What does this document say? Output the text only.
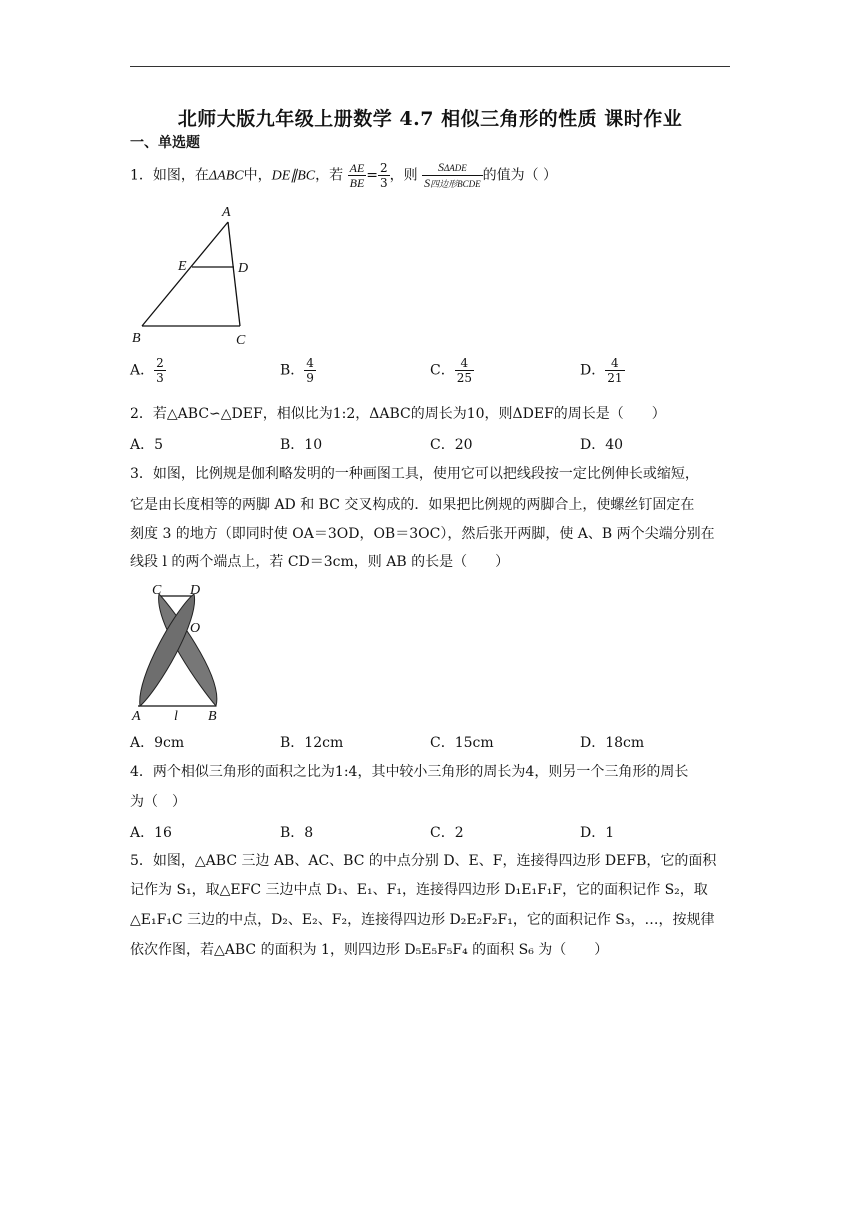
北师大版九年级上册数学 4.7 相似三角形的性质 课时作业
一、单选题
1．如图，在ΔABC中，DE∥BC，若 $\frac{AE}{BE} = \frac{2}{3}$ ，则 $\frac{\text{SΔADE}}{\text{S四边形BCDE}}$ 的值为（ ）
A
E	D
B	C
A． $\frac{2}{3}$	B． $\frac{4}{9}$	C． $\frac{4}{25}$	D． $\frac{4}{21}$
2．若△ABC∽△DEF，相似比为1:2，ΔABC的周长为10，则ΔDEF的周长是（　　）
A．5	B．10	C．20	D．40
3．如图，比例规是伽利略发明的一种画图工具，使用它可以把线段按一定比例伸长或缩短，
它是由长度相等的两脚 AD 和 BC 交叉构成的．如果把比例规的两脚合上，使螺丝钉固定在
刻度 3 的地方（即同时使 OA＝3OD，OB＝3OC），然后张开两脚，使 A、B 两个尖端分别在
线段 l 的两个端点上，若 CD＝3cm，则 AB 的长是（　　）
C D
O
A l B
A．9cm	B．12cm	C．15cm	D．18cm
4．两个相似三角形的面积之比为1:4，其中较小三角形的周长为4，则另一个三角形的周长
为（　）
A．16	B．8	C．2	D．1
5．如图，△ABC 三边 AB、AC、BC 的中点分别 D、E、F，连接得四边形 DEFB，它的面积
记作为 S₁，取△EFC 三边中点 D₁、E₁、F₁，连接得四边形 D₁E₁F₁F，它的面积记作 S₂，取
△E₁F₁C 三边的中点，D₂、E₂、F₂，连接得四边形 D₂E₂F₂F₁，它的面积记作 S₃，…，按规律
依次作图，若△ABC 的面积为 1，则四边形 D₅E₅F₅F₄ 的面积 S₆ 为（　　）
